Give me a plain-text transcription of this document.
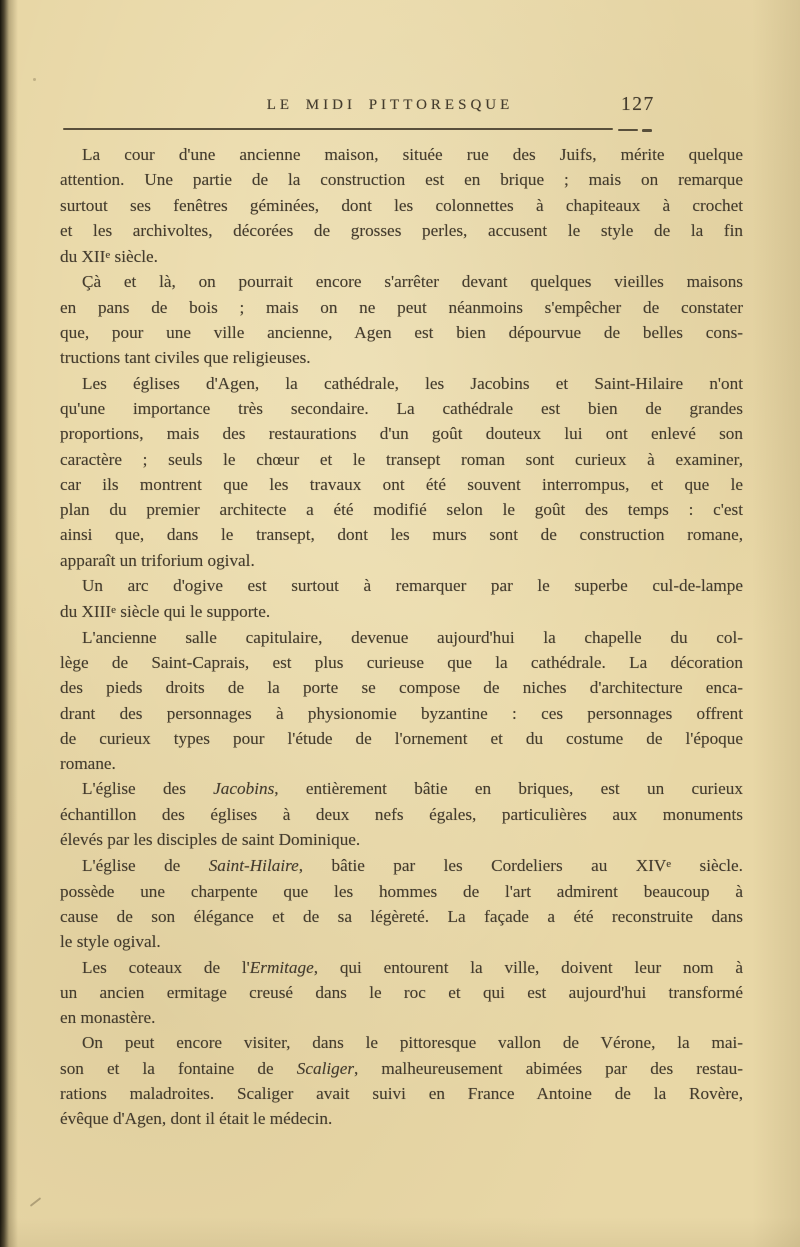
LE MIDI PITTORESQUE	127
La cour d'une ancienne maison, située rue des Juifs, mérite quelque
attention. Une partie de la construction est en brique ; mais on remarque
surtout ses fenêtres géminées, dont les colonnettes à chapiteaux à crochet
et les archivoltes, décorées de grosses perles, accusent le style de la fin
du XIIe siècle.
Çà et là, on pourrait encore s'arrêter devant quelques vieilles maisons
en pans de bois ; mais on ne peut néanmoins s'empêcher de constater
que, pour une ville ancienne, Agen est bien dépourvue de belles cons-
tructions tant civiles que religieuses.
Les églises d'Agen, la cathédrale, les Jacobins et Saint-Hilaire n'ont
qu'une importance très secondaire. La cathédrale est bien de grandes
proportions, mais des restaurations d'un goût douteux lui ont enlevé son
caractère ; seuls le chœur et le transept roman sont curieux à examiner,
car ils montrent que les travaux ont été souvent interrompus, et que le
plan du premier architecte a été modifié selon le goût des temps : c'est
ainsi que, dans le transept, dont les murs sont de construction romane,
apparaît un triforium ogival.
Un arc d'ogive est surtout à remarquer par le superbe cul-de-lampe
du XIIIe siècle qui le supporte.
L'ancienne salle capitulaire, devenue aujourd'hui la chapelle du col-
lège de Saint-Caprais, est plus curieuse que la cathédrale. La décoration
des pieds droits de la porte se compose de niches d'architecture enca-
drant des personnages à physionomie byzantine : ces personnages offrent
de curieux types pour l'étude de l'ornement et du costume de l'époque
romane.
L'église des Jacobins, entièrement bâtie en briques, est un curieux
échantillon des églises à deux nefs égales, particulières aux monuments
élevés par les disciples de saint Dominique.
L'église de Saint-Hilaire, bâtie par les Cordeliers au XIVe siècle.
possède une charpente que les hommes de l'art admirent beaucoup à
cause de son élégance et de sa légèreté. La façade a été reconstruite dans
le style ogival.
Les coteaux de l'Ermitage, qui entourent la ville, doivent leur nom à
un ancien ermitage creusé dans le roc et qui est aujourd'hui transformé
en monastère.
On peut encore visiter, dans le pittoresque vallon de Vérone, la mai-
son et la fontaine de Scaliger, malheureusement abimées par des restau-
rations maladroites. Scaliger avait suivi en France Antoine de la Rovère,
évêque d'Agen, dont il était le médecin.
